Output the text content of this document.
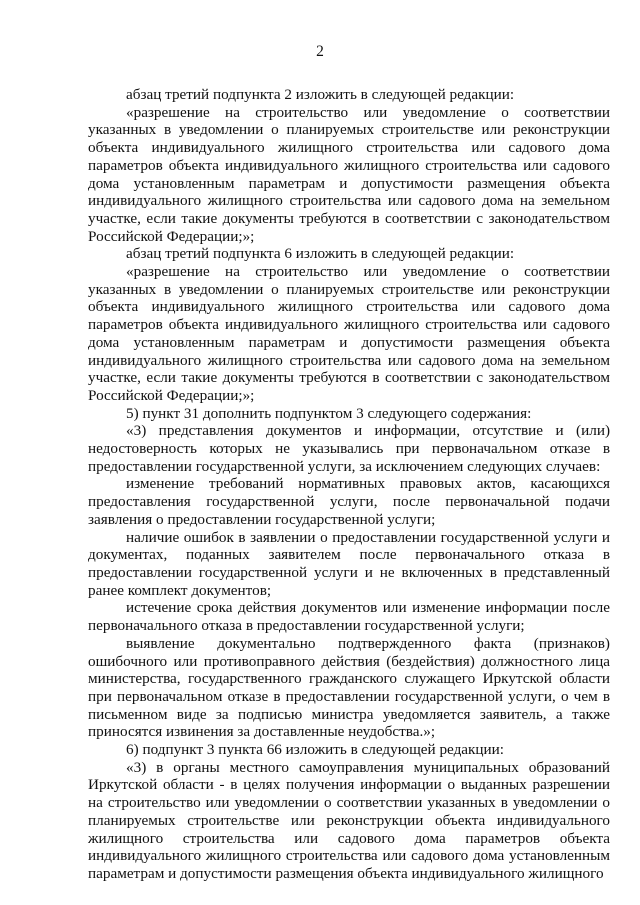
2

абзац третий подпункта 2 изложить в следующей редакции:

«разрешение на строительство или уведомление о соответствии указанных в уведомлении о планируемых строительстве или реконструкции объекта индивидуального жилищного строительства или садового дома параметров объекта индивидуального жилищного строительства или садового дома установленным параметрам и допустимости размещения объекта индивидуального жилищного строительства или садового дома на земельном участке, если такие документы требуются в соответствии с законодательством Российской Федерации;»;

абзац третий подпункта 6 изложить в следующей редакции:

«разрешение на строительство или уведомление о соответствии указанных в уведомлении о планируемых строительстве или реконструкции объекта индивидуального жилищного строительства или садового дома параметров объекта индивидуального жилищного строительства или садового дома установленным параметрам и допустимости размещения объекта индивидуального жилищного строительства или садового дома на земельном участке, если такие документы требуются в соответствии с законодательством Российской Федерации;»;

5) пункт 31 дополнить подпунктом 3 следующего содержания:

«3) представления документов и информации, отсутствие и (или) недостоверность которых не указывались при первоначальном отказе в предоставлении государственной услуги, за исключением следующих случаев:

изменение требований нормативных правовых актов, касающихся предоставления государственной услуги, после первоначальной подачи заявления о предоставлении государственной услуги;

наличие ошибок в заявлении о предоставлении государственной услуги и документах, поданных заявителем после первоначального отказа в предоставлении государственной услуги и не включенных в представленный ранее комплект документов;

истечение срока действия документов или изменение информации после первоначального отказа в предоставлении государственной услуги;

выявление документально подтвержденного факта (признаков) ошибочного или противоправного действия (бездействия) должностного лица министерства, государственного гражданского служащего Иркутской области при первоначальном отказе в предоставлении государственной услуги, о чем в письменном виде за подписью министра уведомляется заявитель, а также приносятся извинения за доставленные неудобства.»;

6) подпункт 3 пункта 66 изложить в следующей редакции:

«3) в органы местного самоуправления муниципальных образований Иркутской области - в целях получения информации о выданных разрешении на строительство или уведомлении о соответствии указанных в уведомлении о планируемых строительстве или реконструкции объекта индивидуального жилищного строительства или садового дома параметров объекта индивидуального жилищного строительства или садового дома установленным параметрам и допустимости размещения объекта индивидуального жилищного
